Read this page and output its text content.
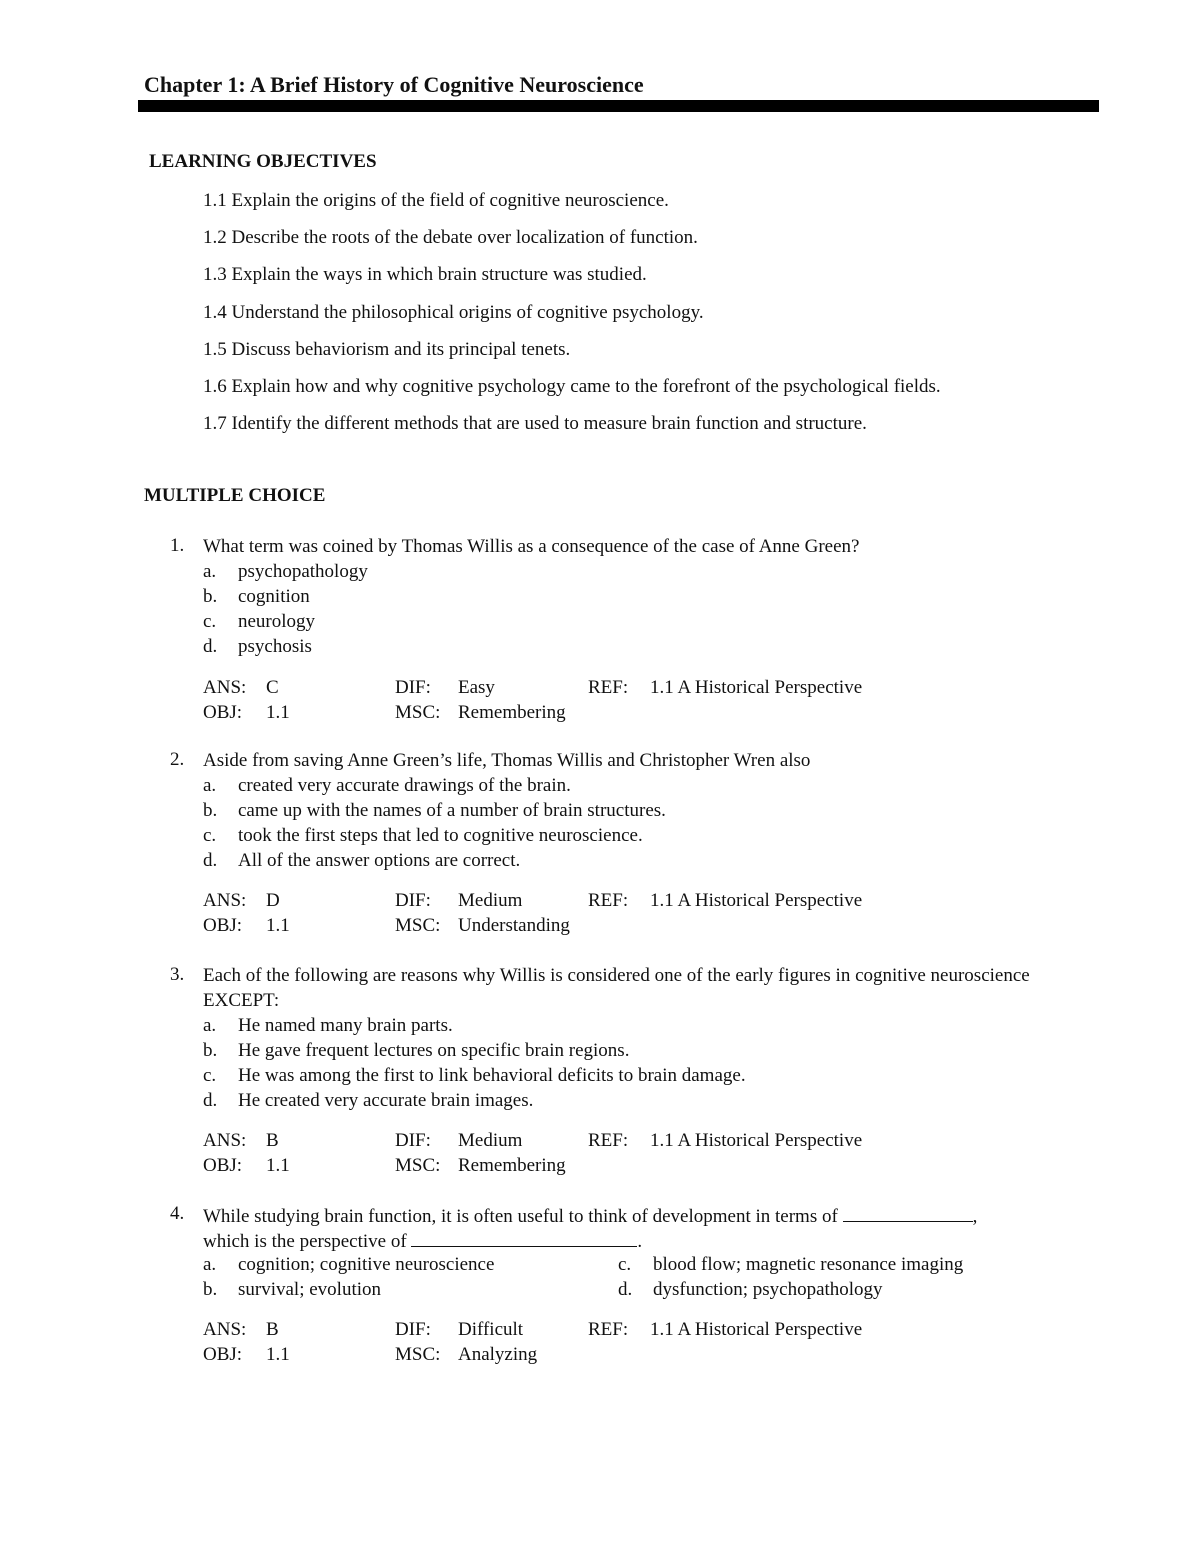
Chapter 1: A Brief History of Cognitive Neuroscience
LEARNING OBJECTIVES
1.1 Explain the origins of the field of cognitive neuroscience.
1.2 Describe the roots of the debate over localization of function.
1.3 Explain the ways in which brain structure was studied.
1.4 Understand the philosophical origins of cognitive psychology.
1.5 Discuss behaviorism and its principal tenets.
1.6 Explain how and why cognitive psychology came to the forefront of the psychological fields.
1.7 Identify the different methods that are used to measure brain function and structure.
MULTIPLE CHOICE
1. What term was coined by Thomas Willis as a consequence of the case of Anne Green?
a. psychopathology
b. cognition
c. neurology
d. psychosis
ANS: C	DIF: Easy	REF: 1.1 A Historical Perspective
OBJ: 1.1	MSC: Remembering
2. Aside from saving Anne Green’s life, Thomas Willis and Christopher Wren also
a. created very accurate drawings of the brain.
b. came up with the names of a number of brain structures.
c. took the first steps that led to cognitive neuroscience.
d. All of the answer options are correct.
ANS: D	DIF: Medium	REF: 1.1 A Historical Perspective
OBJ: 1.1	MSC: Understanding
3. Each of the following are reasons why Willis is considered one of the early figures in cognitive neuroscience EXCEPT:
a. He named many brain parts.
b. He gave frequent lectures on specific brain regions.
c. He was among the first to link behavioral deficits to brain damage.
d. He created very accurate brain images.
ANS: B	DIF: Medium	REF: 1.1 A Historical Perspective
OBJ: 1.1	MSC: Remembering
4. While studying brain function, it is often useful to think of development in terms of	,
which is the perspective of	.
a. cognition; cognitive neuroscience
b. survival; evolution
c. blood flow; magnetic resonance imaging
d. dysfunction; psychopathology
ANS: B	DIF: Difficult	REF: 1.1 A Historical Perspective
OBJ: 1.1	MSC: Analyzing
